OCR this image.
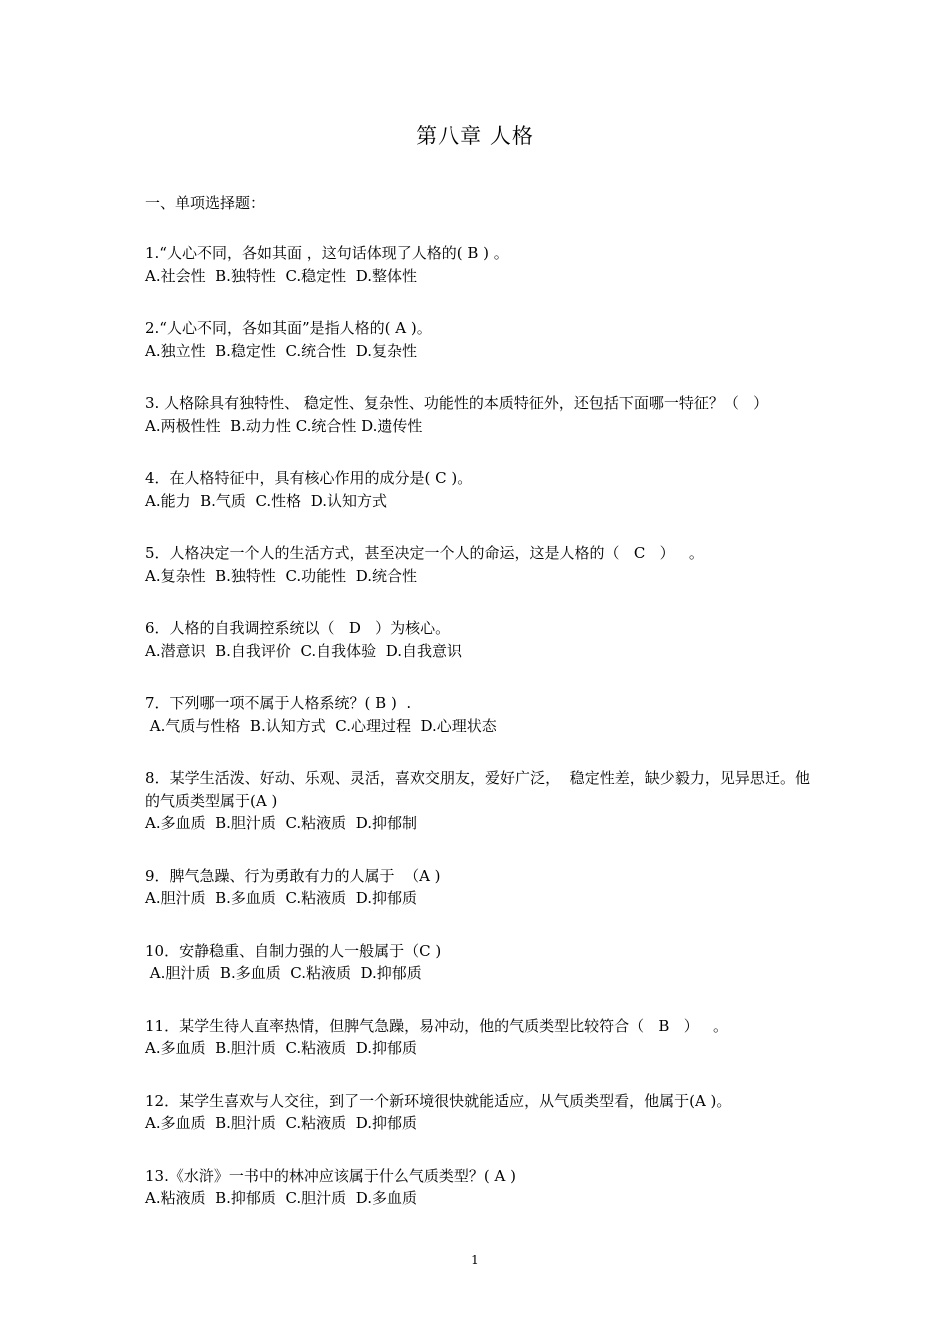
第八章 人格
一、单项选择题：
1.“人心不同，各如其面 ，这句话体现了人格的( B ) 。
A.社会性  B.独特性  C.稳定性  D.整体性
2.“人心不同，各如其面”是指人格的( A )。
A.独立性  B.稳定性  C.统合性  D.复杂性
3. 人格除具有独特性、 稳定性、复杂性、功能性的本质特征外，还包括下面哪一特征？（   ）
A.两极性性  B.动力性 C.统合性 D.遗传性
4．在人格特征中，具有核心作用的成分是( C )。
A.能力  B.气质  C.性格  D.认知方式
5．人格决定一个人的生活方式，甚至决定一个人的命运，这是人格的（   C   ）   。
A.复杂性  B.独特性  C.功能性  D.统合性
6．人格的自我调控系统以（   D   ）为核心。
A.潜意识  B.自我评价  C.自我体验  D.自我意识
7．下列哪一项不属于人格系统？( B )  .
A.气质与性格  B.认知方式  C.心理过程  D.心理状态
8．某学生活泼、好动、乐观、灵活，喜欢交朋友，爱好广泛，  稳定性差，缺少毅力，见异思迁。他的气质类型属于(A )
A.多血质  B.胆汁质  C.粘液质  D.抑郁制
9．脾气急躁、行为勇敢有力的人属于  （A )
A.胆汁质  B.多血质  C.粘液质  D.抑郁质
10．安静稳重、自制力强的人一般属于（C )
A.胆汁质  B.多血质  C.粘液质  D.抑郁质
11．某学生待人直率热情，但脾气急躁，易冲动，他的气质类型比较符合（   B   ）   。
A.多血质  B.胆汁质  C.粘液质  D.抑郁质
12．某学生喜欢与人交往，到了一个新环境很快就能适应，从气质类型看，他属于(A )。
A.多血质  B.胆汁质  C.粘液质  D.抑郁质
13.《水浒》一书中的林冲应该属于什么气质类型？( A )
A.粘液质  B.抑郁质  C.胆汁质  D.多血质
1
